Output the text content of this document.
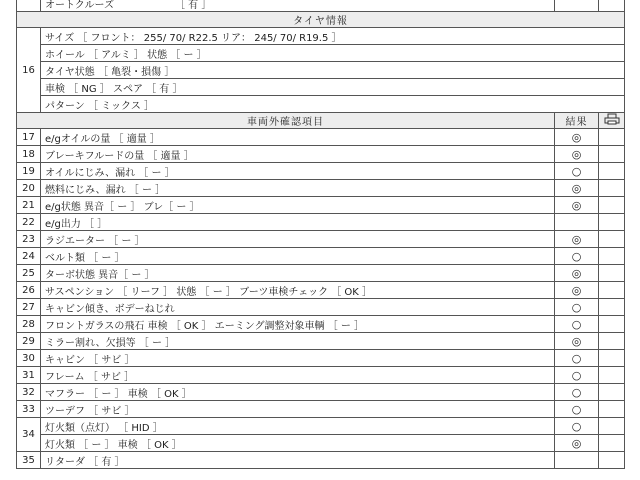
	オートクルーズ ［ 有 ］		
タイヤ情報			
16	サイズ ［ フロント： 255/ 70/ R22.5 リア： 245/ 70/ R19.5 ］		
	ホイール ［ アルミ ］ 状態 ［ ー ］		
	タイヤ状態 ［ 亀裂・損傷 ］		
	車検 ［ NG ］ スペア ［ 有 ］		
	パターン ［ ミックス ］		
車両外確認項目		結果	
17	e/gオイルの量 ［ 適量 ］	◎	
18	ブレーキフルードの量 ［ 適量 ］	◎	
19	オイルにじみ、漏れ ［ ー ］	○	
20	燃料にじみ、漏れ ［ ー ］	◎	
21	e/g状態 異音［ ー ］ ブレ［ ー ］	◎	
22	e/g出力 ［ ］		
23	ラジエーター ［ ー ］	◎	
24	ベルト類 ［ ー ］	○	
25	ターボ状態 異音［ ー ］	◎	
26	サスペンション ［ リーフ ］ 状態 ［ ー ］ ブーツ車検チェック ［ OK ］	◎	
27	キャビン傾き、ボデーねじれ	○	
28	フロントガラスの飛石 車検 ［ OK ］ エーミング調整対象車輌 ［ ー ］	○	
29	ミラー割れ、欠損等 ［ ー ］	◎	
30	キャビン ［ サビ ］	○	
31	フレーム ［ サビ ］	○	
32	マフラー ［ ー ］ 車検 ［ OK ］	○	
33	ツーデフ ［ サビ ］	○	
34	灯火類（点灯） ［ HID ］	○	
	灯火類 ［ ー ］ 車検 ［ OK ］	◎	
35	リターダ ［ 有 ］		
